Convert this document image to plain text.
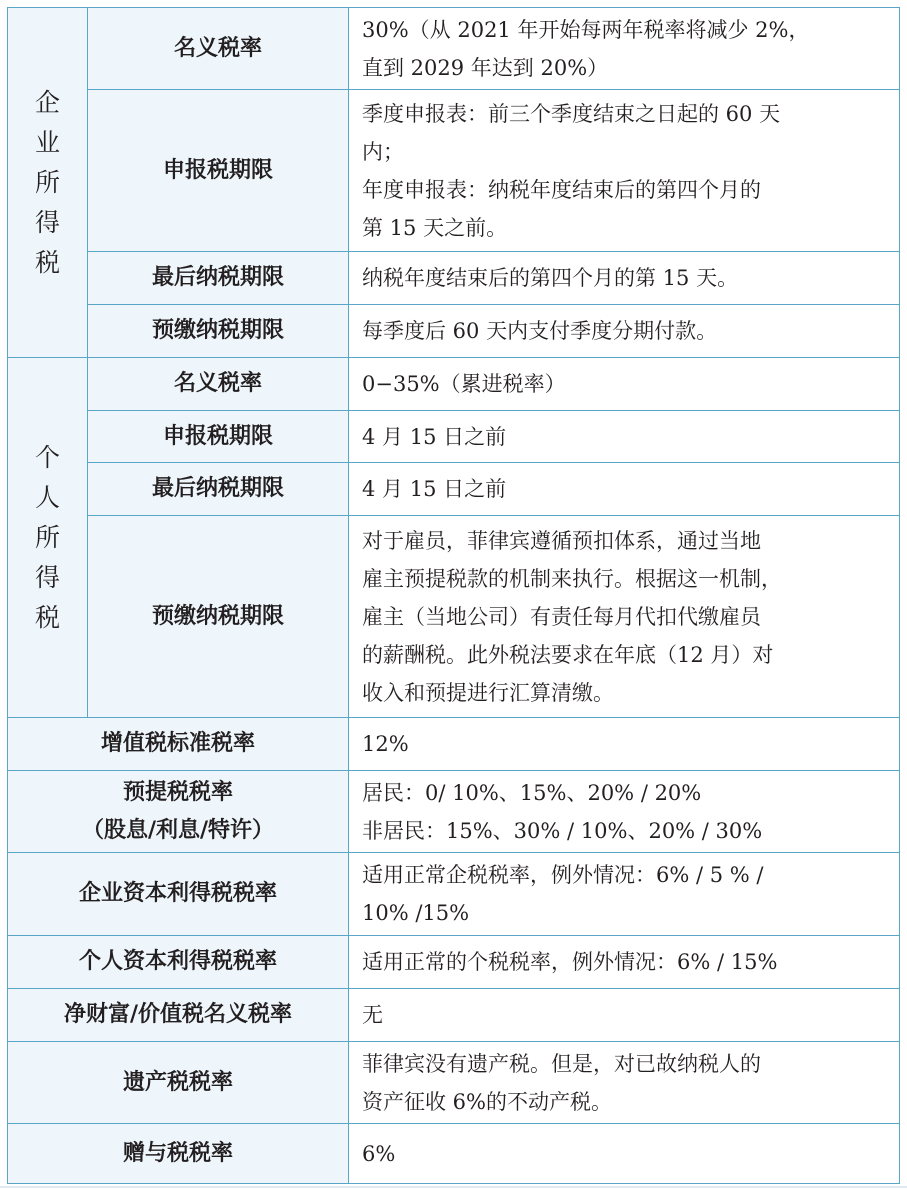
企
业
所
得
税	名义税率	30%（从 2021 年开始每两年税率将减少 2%，
直到 2029 年达到 20%）

	申报税期限	季度申报表：前三个季度结束之日起的 60 天
内；
年度申报表：纳税年度结束后的第四个月的
第 15 天之前。

	最后纳税期限	纳税年度结束后的第四个月的第 15 天。

	预缴纳税期限	每季度后 60 天内支付季度分期付款。

个
人
所
得
税	名义税率	0−35%（累进税率）

	申报税期限	4 月 15 日之前

	最后纳税期限	4 月 15 日之前

	预缴纳税期限	对于雇员，菲律宾遵循预扣体系，通过当地
雇主预提税款的机制来执行。根据这一机制，
雇主（当地公司）有责任每月代扣代缴雇员
的薪酬税。此外税法要求在年底（12 月）对
收入和预提进行汇算清缴。

增值税标准税率		12%

预提税税率
（股息/利息/特许）		居民：0/ 10%、15%、20% / 20%
非居民：15%、30% / 10%、20% / 30%

企业资本利得税税率		适用正常企税税率，例外情况：6% / 5 % /
10% /15%

个人资本利得税税率		适用正常的个税税率，例外情况：6% / 15%

净财富/价值税名义税率		无

遗产税税率		菲律宾没有遗产税。但是，对已故纳税人的
资产征收 6%的不动产税。

赠与税税率		6%
